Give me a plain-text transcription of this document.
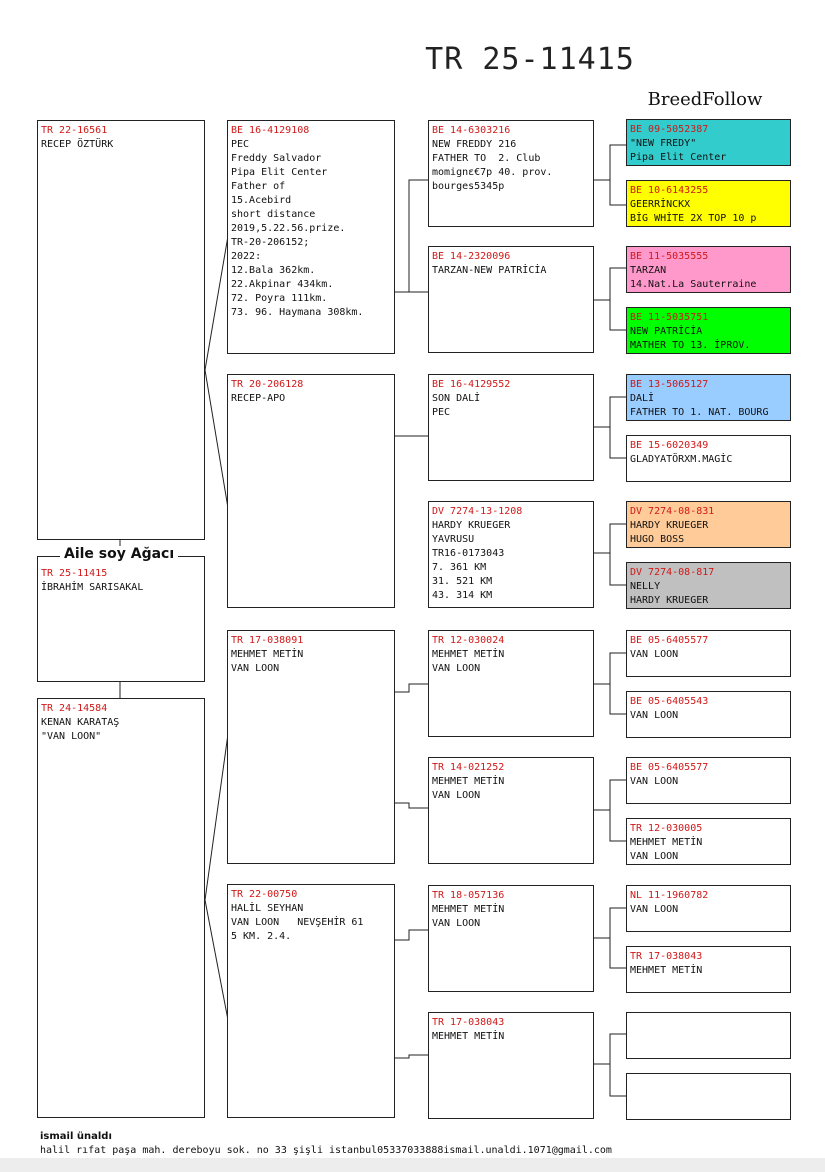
TR 25-11415
BreedFollow
TR 22-16561
RECEP ÖZTÜRK
TR 25-11415
İBRAHİM SARISAKAL
Aile soy Ağacı
TR 24-14584
KENAN KARATAŞ
"VAN LOON"
BE 16-4129108
PEC
Freddy Salvador
Pipa Elit Center
Father of
15.Acebird
short distance
2019,5.22.56.prize.
TR-20-206152;
2022:
12.Bala 362km.
22.Akpinar 434km.
72. Poyra 111km.
73. 96. Haymana 308km.
TR 20-206128
RECEP-APO
TR 17-038091
MEHMET METİN
VAN LOON
TR 22-00750
HALİL SEYHAN
VAN LOON   NEVŞEHİR 61
5 KM. 2.4.
BE 14-6303216
NEW FREDDY 216
FATHER TO  2. Club
momignɛ€7p 40. prov.
bourges5345p
BE 14-2320096
TARZAN-NEW PATRİCİA
BE 16-4129552
SON DALİ
PEC
DV 7274-13-1208
HARDY KRUEGER
YAVRUSU
TR16-0173043
7. 361 KM
31. 521 KM
43. 314 KM
TR 12-030024
MEHMET METİN
VAN LOON
TR 14-021252
MEHMET METİN
VAN LOON
TR 18-057136
MEHMET METİN
VAN LOON
TR 17-038043
MEHMET METİN
BE 09-5052387
"NEW FREDY"
Pipa Elit Center
BE 10-6143255
GEERRİNCKX
BİG WHİTE 2X TOP 10 p
BE 11-5035555
TARZAN
14.Nat.La Sauterraine
BE 11-5035751
NEW PATRİCİA
MATHER TO 13. İPROV.
BE 13-5065127
DALİ
FATHER TO 1. NAT. BOURG
BE 15-6020349
GLADYATÖRXM.MAGİC
DV 7274-08-831
HARDY KRUEGER
HUGO BOSS
DV 7274-08-817
NELLY
HARDY KRUEGER
BE 05-6405577
VAN LOON
BE 05-6405543
VAN LOON
BE 05-6405577
VAN LOON
TR 12-030005
MEHMET METİN
VAN LOON
NL 11-1960782
VAN LOON
TR 17-038043
MEHMET METİN
ismail ünaldı
halil rıfat paşa mah. dereboyu sok. no 33 şişli istanbul05337033888ismail.unaldi.1071@gmail.com
